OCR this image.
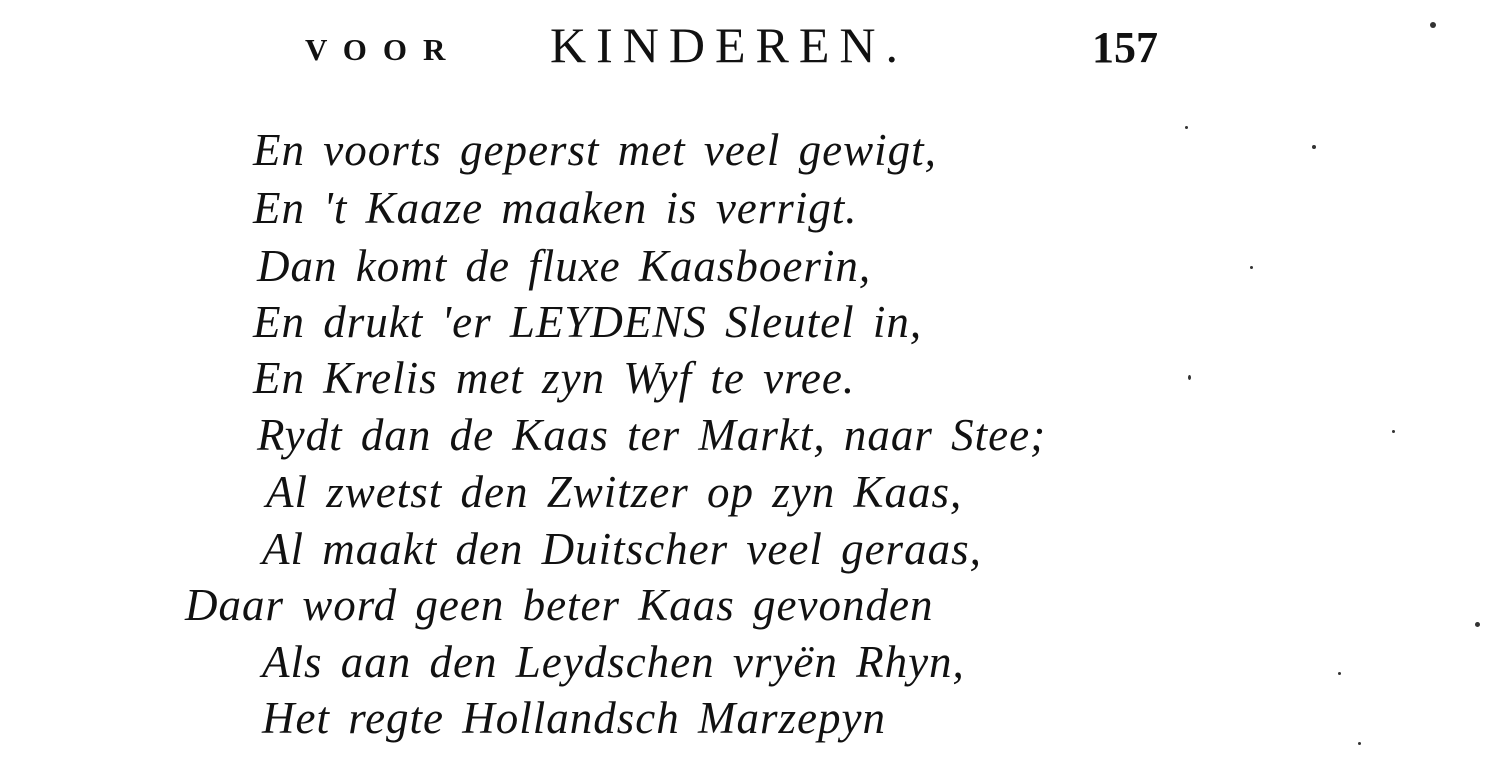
VOOR KINDEREN.	157
En voorts geperst met veel gewigt,
En 't Kaaze maaken is verrigt.
Dan komt de fluxe Kaasboerin,
En drukt 'er LEYDENS Sleutel in,
En Krelis met zyn Wyf te vree.
Rydt dan de Kaas ter Markt, naar Stee;
Al zwetst den Zwitzer op zyn Kaas,
Al maakt den Duitscher veel geraas,
Daar word geen beter Kaas gevonden
Als aan den Leydschen vryën Rhyn,
Het regte Hollandsch Marzepyn
